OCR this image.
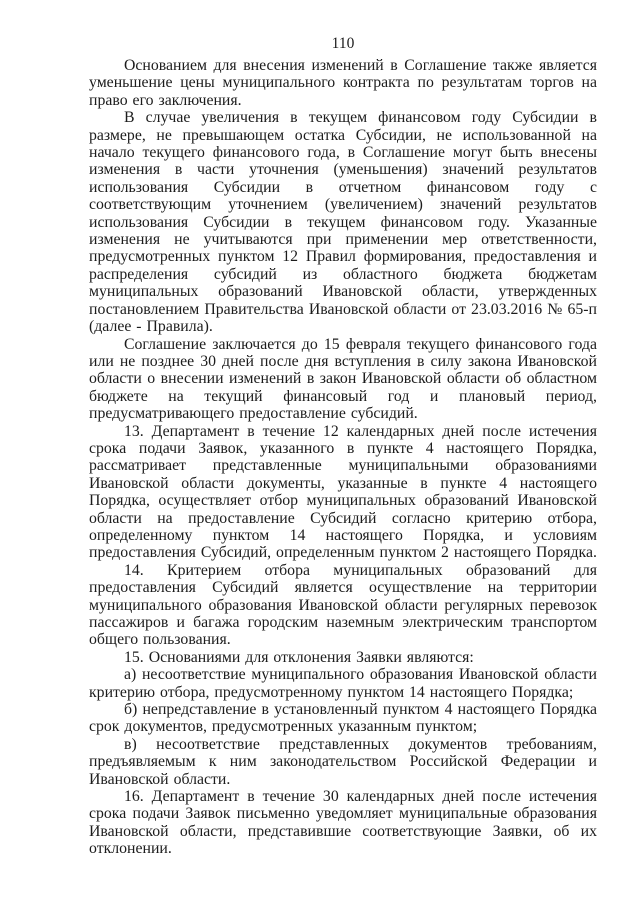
110

Основанием для внесения изменений в Соглашение также является уменьшение цены муниципального контракта по результатам торгов на право его заключения.

В случае увеличения в текущем финансовом году Субсидии в размере, не превышающем остатка Субсидии, не использованной на начало текущего финансового года, в Соглашение могут быть внесены изменения в части уточнения (уменьшения) значений результатов использования Субсидии в отчетном финансовом году с соответствующим уточнением (увеличением) значений результатов использования Субсидии в текущем финансовом году. Указанные изменения не учитываются при применении мер ответственности, предусмотренных пунктом 12 Правил формирования, предоставления и распределения субсидий из областного бюджета бюджетам муниципальных образований Ивановской области, утвержденных постановлением Правительства Ивановской области от 23.03.2016 № 65-п (далее - Правила).

Соглашение заключается до 15 февраля текущего финансового года или не позднее 30 дней после дня вступления в силу закона Ивановской области о внесении изменений в закон Ивановской области об областном бюджете на текущий финансовый год и плановый период, предусматривающего предоставление субсидий.

13. Департамент в течение 12 календарных дней после истечения срока подачи Заявок, указанного в пункте 4 настоящего Порядка, рассматривает представленные муниципальными образованиями Ивановской области документы, указанные в пункте 4 настоящего Порядка, осуществляет отбор муниципальных образований Ивановской области на предоставление Субсидий согласно критерию отбора, определенному пунктом 14 настоящего Порядка, и условиям предоставления Субсидий, определенным пунктом 2 настоящего Порядка.

14. Критерием отбора муниципальных образований для предоставления Субсидий является осуществление на территории муниципального образования Ивановской области регулярных перевозок пассажиров и багажа городским наземным электрическим транспортом общего пользования.

15. Основаниями для отклонения Заявки являются:

а) несоответствие муниципального образования Ивановской области критерию отбора, предусмотренному пунктом 14 настоящего Порядка;

б) непредставление в установленный пунктом 4 настоящего Порядка срок документов, предусмотренных указанным пунктом;

в) несоответствие представленных документов требованиям, предъявляемым к ним законодательством Российской Федерации и Ивановской области.

16. Департамент в течение 30 календарных дней после истечения срока подачи Заявок письменно уведомляет муниципальные образования Ивановской области, представившие соответствующие Заявки, об их отклонении.
